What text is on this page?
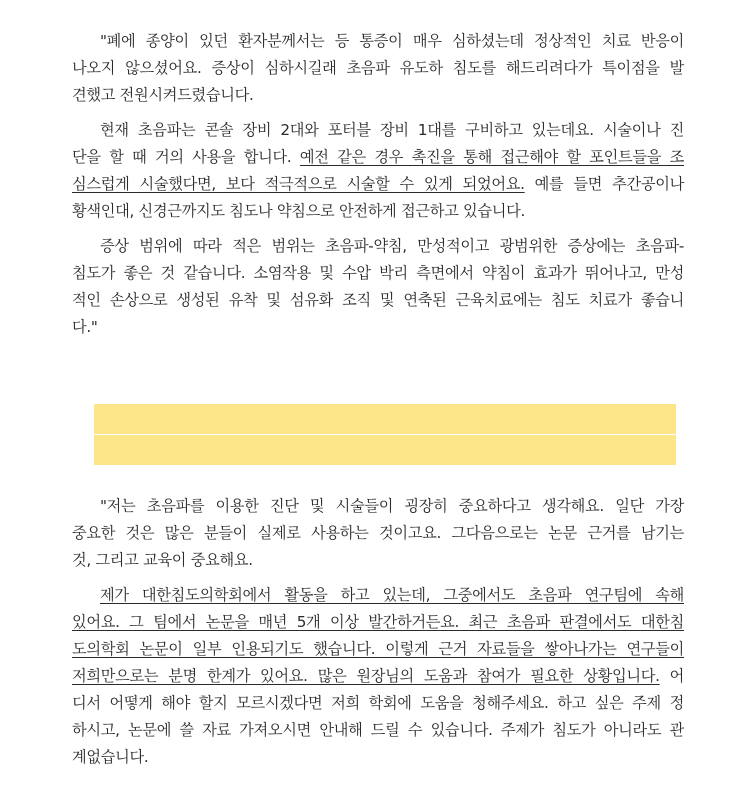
"폐에 종양이 있던 환자분께서는 등 통증이 매우 심하셨는데 정상적인 치료 반응이
나오지 않으셨어요. 증상이 심하시길래 초음파 유도하 침도를 해드리려다가 특이점을 발
견했고 전원시켜드렸습니다.
현재 초음파는 콘솔 장비 2대와 포터블 장비 1대를 구비하고 있는데요. 시술이나 진
단을 할 때 거의 사용을 합니다. 예전 같은 경우 촉진을 통해 접근해야 할 포인트들을 조
심스럽게 시술했다면, 보다 적극적으로 시술할 수 있게 되었어요. 예를 들면 추간공이나
황색인대, 신경근까지도 침도나 약침으로 안전하게 접근하고 있습니다.
증상 범위에 따라 적은 범위는 초음파-약침, 만성적이고 광범위한 증상에는 초음파-
침도가 좋은 것 같습니다. 소염작용 및 수압 박리 측면에서 약침이 효과가 뛰어나고, 만성
적인 손상으로 생성된 유착 및 섬유화 조직 및 연축된 근육치료에는 침도 치료가 좋습니
다."
"저는 초음파를 이용한 진단 및 시술들이 굉장히 중요하다고 생각해요. 일단 가장
중요한 것은 많은 분들이 실제로 사용하는 것이고요. 그다음으로는 논문 근거를 남기는
것, 그리고 교육이 중요해요.
제가 대한침도의학회에서 활동을 하고 있는데, 그중에서도 초음파 연구팀에 속해
있어요. 그 팀에서 논문을 매년 5개 이상 발간하거든요. 최근 초음파 판결에서도 대한침
도의학회 논문이 일부 인용되기도 했습니다. 이렇게 근거 자료들을 쌓아나가는 연구들이
저희만으로는 분명 한계가 있어요. 많은 원장님의 도움과 참여가 필요한 상황입니다. 어
디서 어떻게 해야 할지 모르시겠다면 저희 학회에 도움을 청해주세요. 하고 싶은 주제 정
하시고, 논문에 쓸 자료 가져오시면 안내해 드릴 수 있습니다. 주제가 침도가 아니라도 관
계없습니다.
